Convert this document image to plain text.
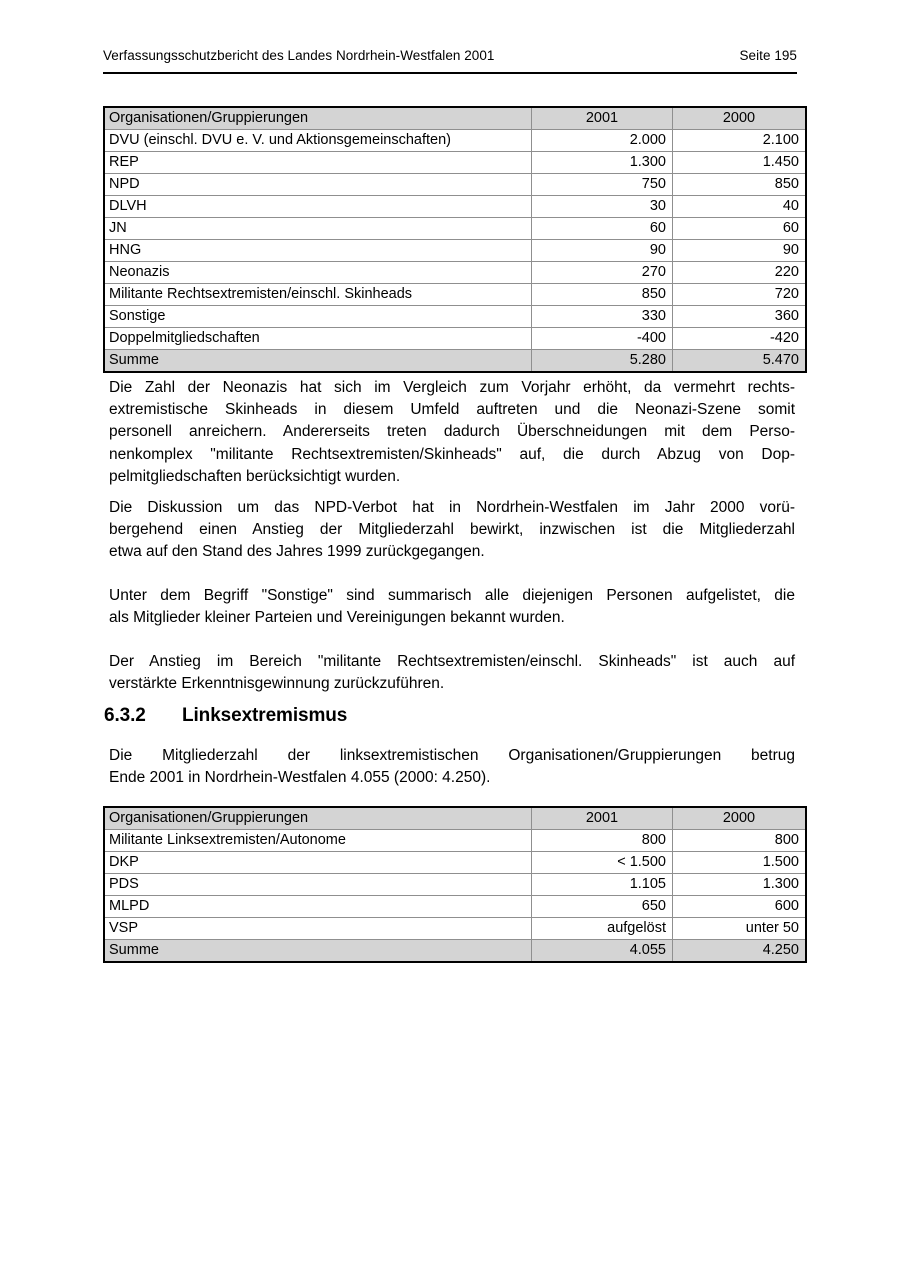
Verfassungsschutzbericht des Landes Nordrhein-Westfalen 2001	Seite 195
Organisationen/Gruppierungen	2001	2000
DVU (einschl. DVU e. V. und Aktionsgemeinschaften)	2.000	2.100
REP	1.300	1.450
NPD	750	850
DLVH	30	40
JN	60	60
HNG	90	90
Neonazis	270	220
Militante Rechtsextremisten/einschl. Skinheads	850	720
Sonstige	330	360
Doppelmitgliedschaften	-400	-420
Summe	5.280	5.470
Die Zahl der Neonazis hat sich im Vergleich zum Vorjahr erhöht, da vermehrt rechts-
extremistische Skinheads in diesem Umfeld auftreten und die Neonazi-Szene somit
personell anreichern. Andererseits treten dadurch Überschneidungen mit dem Perso-
nenkomplex "militante Rechtsextremisten/Skinheads" auf, die durch Abzug von Dop-
pelmitgliedschaften berücksichtigt wurden.
Die Diskussion um das NPD-Verbot hat in Nordrhein-Westfalen im Jahr 2000 vorü-
bergehend einen Anstieg der Mitgliederzahl bewirkt, inzwischen ist die Mitgliederzahl
etwa auf den Stand des Jahres 1999 zurückgegangen.
Unter dem Begriff "Sonstige" sind summarisch alle diejenigen Personen aufgelistet, die
als Mitglieder kleiner Parteien und Vereinigungen bekannt wurden.
Der Anstieg im Bereich "militante Rechtsextremisten/einschl. Skinheads" ist auch auf
verstärkte Erkenntnisgewinnung zurückzuführen.
6.3.2 Linksextremismus
Die Mitgliederzahl der linksextremistischen Organisationen/Gruppierungen betrug
Ende 2001 in Nordrhein-Westfalen 4.055 (2000: 4.250).
Organisationen/Gruppierungen	2001	2000
Militante Linksextremisten/Autonome	800	800
DKP	< 1.500	1.500
PDS	1.105	1.300
MLPD	650	600
VSP	aufgelöst	unter 50
Summe	4.055	4.250
